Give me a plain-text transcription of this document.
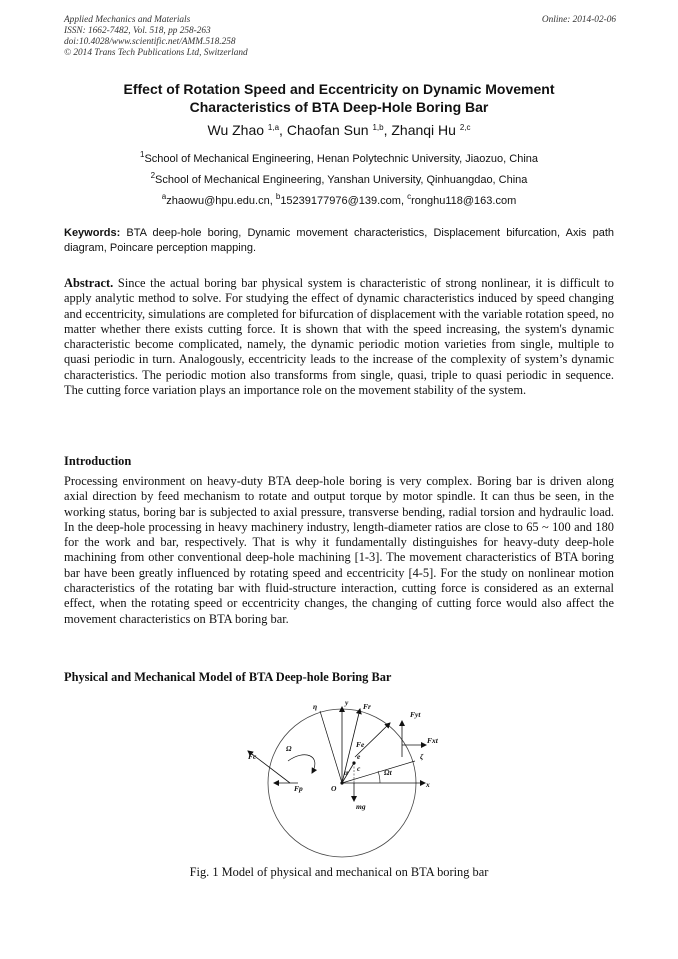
Applied Mechanics and Materials
ISSN: 1662-7482, Vol. 518, pp 258-263
doi:10.4028/www.scientific.net/AMM.518.258
© 2014 Trans Tech Publications Ltd, Switzerland
Online: 2014-02-06
Effect of Rotation Speed and Eccentricity on Dynamic Movement
Characteristics of BTA Deep-Hole Boring Bar
Wu Zhao $^{1,a}$, Chaofan Sun $^{1,b}$, Zhanqi Hu $^{2,c}$
$^1$School of Mechanical Engineering, Henan Polytechnic University, Jiaozuo, China
$^2$School of Mechanical Engineering, Yanshan University, Qinhuangdao, China
$^a$zhaowu@hpu.edu.cn, $^b$15239177976@139.com, $^c$ronghu118@163.com
Keywords: BTA deep-hole boring, Dynamic movement characteristics, Displacement bifurcation, Axis path diagram, Poincare perception mapping.
Abstract. Since the actual boring bar physical system is characteristic of strong nonlinear, it is difficult to apply analytic method to solve. For studying the effect of dynamic characteristics induced by speed changing and eccentricity, simulations are completed for bifurcation of displacement with the variable rotation speed, no matter whether there exists cutting force. It is shown that with the speed increasing, the system's dynamic characteristic become complicated, namely, the dynamic periodic motion varieties from single, multiple to quasi periodic in turn. Analogously, eccentricity leads to the increase of the complexity of system’s dynamic characteristics. The periodic motion also transforms from single, quasi, triple to quasi periodic in sequence. The cutting force variation plays an importance role on the movement stability of the system.
Introduction
Processing environment on heavy-duty BTA deep-hole boring is very complex. Boring bar is driven along axial direction by feed mechanism to rotate and output torque by motor spindle. It can thus be seen, in the working status, boring bar is subjected to axial pressure, transverse bending, radial torsion and hydraulic load. In the deep-hole processing in heavy machinery industry, length-diameter ratios are close to 65 ~ 100 and 180 for the work and bar, respectively. That is why it fundamentally distinguishes for heavy-duty deep-hole machining from other conventional deep-hole machining [1-3]. The movement characteristics of BTA boring bar have been greatly influenced by rotating speed and eccentricity [4-5]. For the study on nonlinear motion characteristics of the rotating bar with fluid-structure interaction, cutting force is considered as an external effect, when the rotating speed or eccentricity changes, the changing of cutting force would also affect the movement characteristics on BTA boring bar.
Physical and Mechanical Model of BTA Deep-hole Boring Bar
η	y Fr
Fyt
Fxt
Fe
Fc
Ω
Fp	O
e
c
α
mg
Ωt
ζ
x
Fig. 1 Model of physical and mechanical on BTA boring bar
